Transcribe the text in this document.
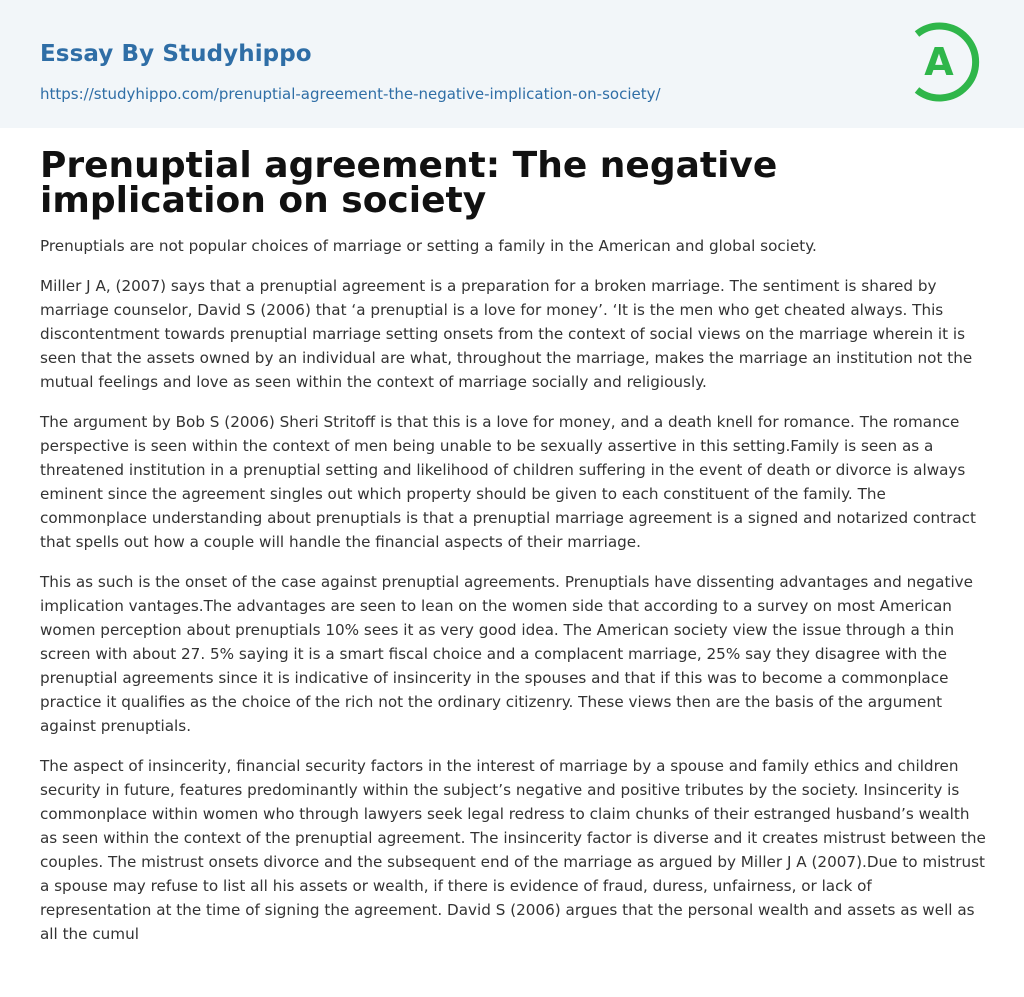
Essay By Studyhippo
https://studyhippo.com/prenuptial-agreement-the-negative-implication-on-society/
A
Prenuptial agreement: The negative implication on society

Prenuptials are not popular choices of marriage or setting a family in the American and global society.

Miller J A, (2007) says that a prenuptial agreement is a preparation for a broken marriage. The sentiment is shared by marriage counselor, David S (2006) that ‘a prenuptial is a love for money’. ‘It is the men who get cheated always. This discontentment towards prenuptial marriage setting onsets from the context of social views on the marriage wherein it is seen that the assets owned by an individual are what, throughout the marriage, makes the marriage an institution not the mutual feelings and love as seen within the context of marriage socially and religiously.

The argument by Bob S (2006) Sheri Stritoff is that this is a love for money, and a death knell for romance. The romance perspective is seen within the context of men being unable to be sexually assertive in this setting.Family is seen as a threatened institution in a prenuptial setting and likelihood of children suffering in the event of death or divorce is always eminent since the agreement singles out which property should be given to each constituent of the family. The commonplace understanding about prenuptials is that a prenuptial marriage agreement is a signed and notarized contract that spells out how a couple will handle the financial aspects of their marriage.

This as such is the onset of the case against prenuptial agreements. Prenuptials have dissenting advantages and negative implication vantages.The advantages are seen to lean on the women side that according to a survey on most American women perception about prenuptials 10% sees it as very good idea. The American society view the issue through a thin screen with about 27. 5% saying it is a smart fiscal choice and a complacent marriage, 25% say they disagree with the prenuptial agreements since it is indicative of insincerity in the spouses and that if this was to become a commonplace practice it qualifies as the choice of the rich not the ordinary citizenry. These views then are the basis of the argument against prenuptials.

The aspect of insincerity, financial security factors in the interest of marriage by a spouse and family ethics and children security in future, features predominantly within the subject’s negative and positive tributes by the society. Insincerity is commonplace within women who through lawyers seek legal redress to claim chunks of their estranged husband’s wealth as seen within the context of the prenuptial agreement. The insincerity factor is diverse and it creates mistrust between the couples. The mistrust onsets divorce and the subsequent end of the marriage as argued by Miller J A (2007).Due to mistrust a spouse may refuse to list all his assets or wealth, if there is evidence of fraud, duress, unfairness, or lack of representation at the time of signing the agreement. David S (2006) argues that the personal wealth and assets as well as all the cumul
